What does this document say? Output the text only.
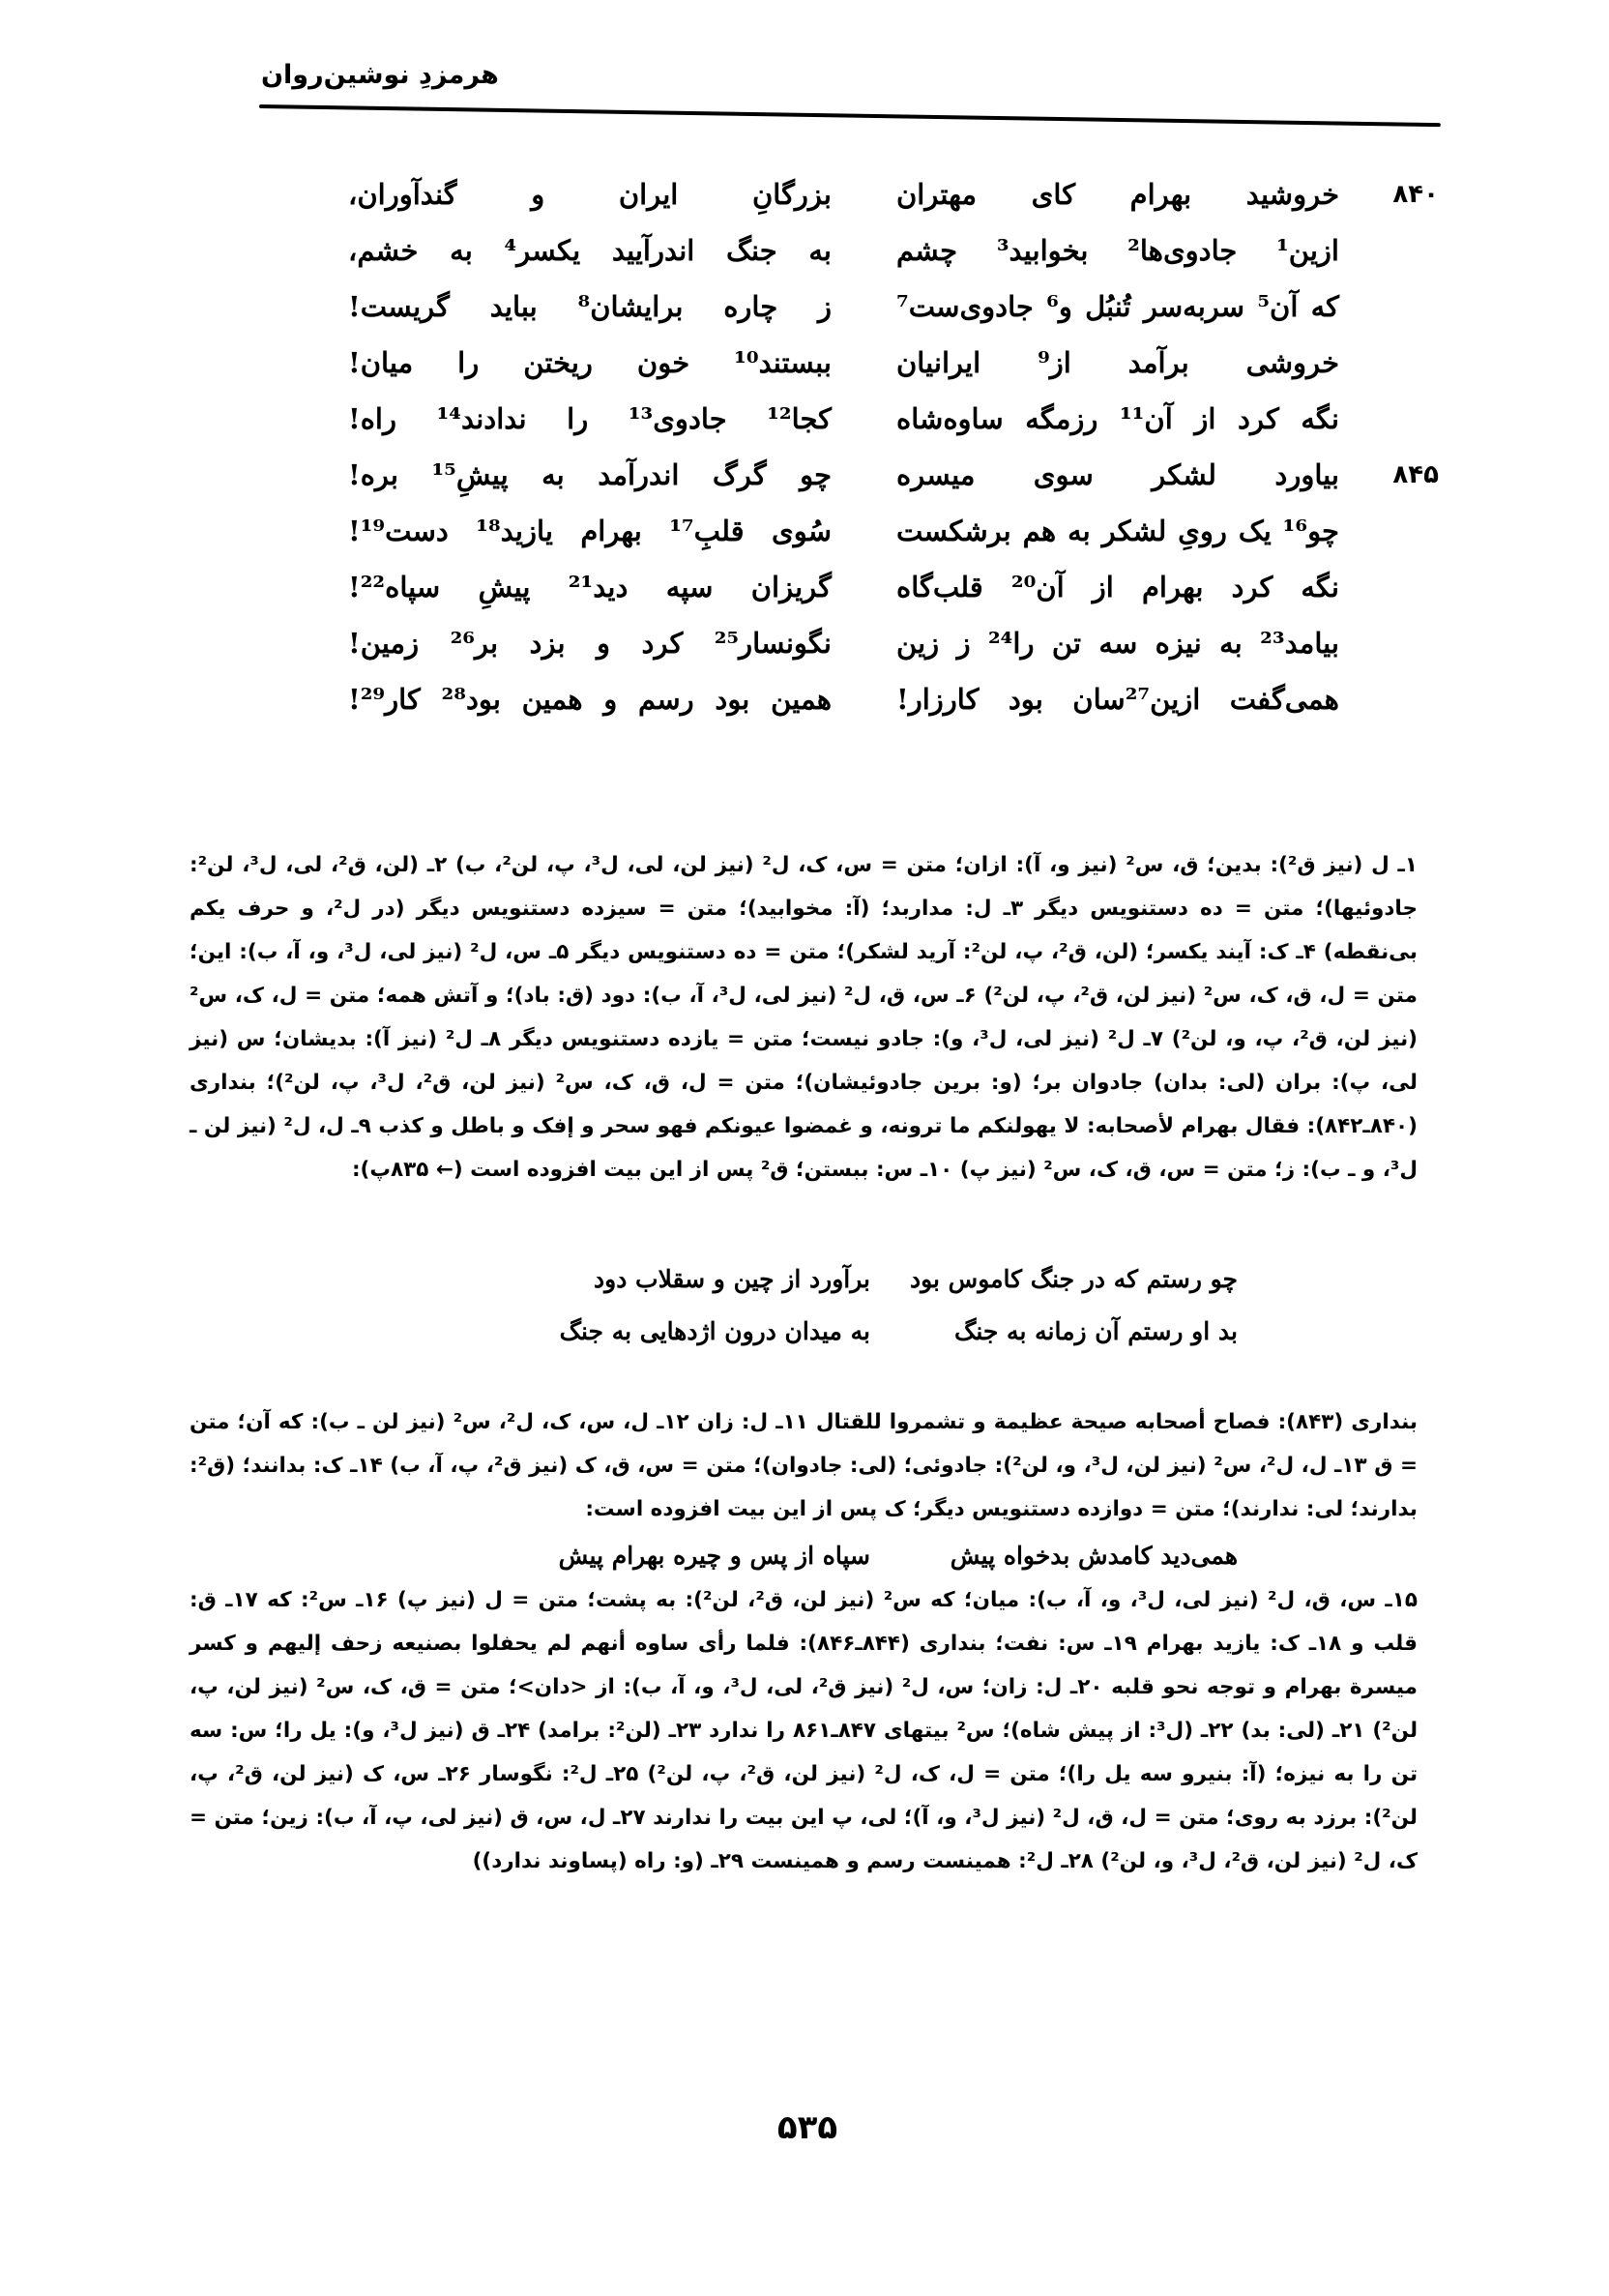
هرمزدِ نوشین‌روان
۸۴۰
خروشید بهرام کای مهتران
بزرگانِ ایران و گندآوران،
ازین¹ جادوی‌ها² بخوابید³ چشم
به جنگ اندرآیید یکسر⁴ به خشم،
که آن⁵ سربه‌سر تُنبُل و⁶ جادوی‌ست⁷
ز چاره برایشان⁸ بباید گریست!
خروشی برآمد از⁹ ایرانیان
ببستند¹⁰ خون ریختن را میان!
نگه کرد از آن¹¹ رزمگه ساوه‌شاه
کجا¹² جادوی¹³ را ندادند¹⁴ راه!
۸۴۵
بیاورد لشکر سوی میسره
چو گرگ اندرآمد به پیشِ¹⁵ بره!
چو¹⁶ یک رویِ لشکر به هم برشکست
سُوی قلبِ¹⁷ بهرام یازید¹⁸ دست¹⁹!
نگه کرد بهرام از آن²⁰ قلب‌گاه
گریزان سپه دید²¹ پیشِ سپاه²²!
بیامد²³ به نیزه سه تن را²⁴ ز زین
نگونسار²⁵ کرد و بزد بر²⁶ زمین!
همی‌گفت ازین²⁷سان بود کارزار!
همین بود رسم و همین بود²⁸ کار²⁹!

۱ـ ل (نیز ق²): بدین؛ ق، س² (نیز و، آ): ازان؛ متن = س، ک، ل² (نیز لن، لی، ل³، پ، لن²، ب) ۲ـ (لن، ق²، لی، ل³، لن²: جادوئیها)؛ متن = ده دستنویس دیگر ۳ـ ل: مداربد؛ (آ: مخوابید)؛ متن = سیزده دستنویس دیگر (در ل²، و حرف یکم بی‌نقطه) ۴ـ ک: آیند یکسر؛ (لن، ق²، پ، لن²: آرید لشکر)؛ متن = ده دستنویس دیگر ۵ـ س، ل² (نیز لی، ل³، و، آ، ب): این؛ متن = ل، ق، ک، س² (نیز لن، ق²، پ، لن²) ۶ـ س، ق، ل² (نیز لی، ل³، آ، ب): دود (ق: باد)؛ و آتش همه؛ متن = ل، ک، س² (نیز لن، ق²، پ، و، لن²) ۷ـ ل² (نیز لی، ل³، و): جادو نیست؛ متن = یازده دستنویس دیگر ۸ـ ل² (نیز آ): بدیشان؛ س (نیز لی، پ): بران (لی: بدان) جادوان بر؛ (و: برین جادوئیشان)؛ متن = ل، ق، ک، س² (نیز لن، ق²، ل³، پ، لن²)؛ بنداری (۸۴۰ـ۸۴۲): فقال بهرام لأصحابه: لا یهولنکم ما ترونه، و غمضوا عیونکم فهو سحر و إفک و باطل و کذب ۹ـ ل، ل² (نیز لن ـ ل³، و ـ ب): ز؛ متن = س، ق، ک، س² (نیز پ) ۱۰ـ س: ببستن؛ ق² پس از این بیت افزوده است (← ۸۳۵پ):

چو رستم که در جنگ کاموس بود
برآورد از چین و سقلاب دود
بد او رستم آن زمانه به جنگ
به میدان درون اژدهایی به جنگ

بنداری (۸۴۳): فصاح أصحابه صیحة عظیمة و تشمروا للقتال ۱۱ـ ل: زان ۱۲ـ ل، س، ک، ل²، س² (نیز لن ـ ب): که آن؛ متن = ق ۱۳ـ ل، ل²، س² (نیز لن، ل³، و، لن²): جادوئی؛ (لی: جادوان)؛ متن = س، ق، ک (نیز ق²، پ، آ، ب) ۱۴ـ ک: بدانند؛ (ق²: بدارند؛ لی: ندارند)؛ متن = دوازده دستنویس دیگر؛ ک پس از این بیت افزوده است:

همی‌دید کامدش بدخواه پیش
سپاه از پس و چیره بهرام پیش

۱۵ـ س، ق، ل² (نیز لی، ل³، و، آ، ب): میان؛ که س² (نیز لن، ق²، لن²): به پشت؛ متن = ل (نیز پ) ۱۶ـ س²: که ۱۷ـ ق: قلب و ۱۸ـ ک: یازید بهرام ۱۹ـ س: نفت؛ بنداری (۸۴۴ـ۸۴۶): فلما رأی ساوه أنهم لم یحفلوا بصنیعه زحف إلیهم و کسر میسرة بهرام و توجه نحو قلبه ۲۰ـ ل: زان؛ س، ل² (نیز ق²، لی، ل³، و، آ، ب): از <دان>؛ متن = ق، ک، س² (نیز لن، پ، لن²) ۲۱ـ (لی: بد) ۲۲ـ (ل³: از پیش شاه)؛ س² بیتهای ۸۴۷ـ۸۶۱ را ندارد ۲۳ـ (لن²: برامد) ۲۴ـ ق (نیز ل³، و): یل را؛ س: سه تن را به نیزه؛ (آ: بنیرو سه یل را)؛ متن = ل، ک، ل² (نیز لن، ق²، پ، لن²) ۲۵ـ ل²: نگوسار ۲۶ـ س، ک (نیز لن، ق²، پ، لن²): برزد به روی؛ متن = ل، ق، ل² (نیز ل³، و، آ)؛ لی، پ این بیت را ندارند ۲۷ـ ل، س، ق (نیز لی، پ، آ، ب): زین؛ متن = ک، ل² (نیز لن، ق²، ل³، و، لن²) ۲۸ـ ل²: همینست رسم و همینست ۲۹ـ (و: راه (پساوند ندارد))

۵۳۵
